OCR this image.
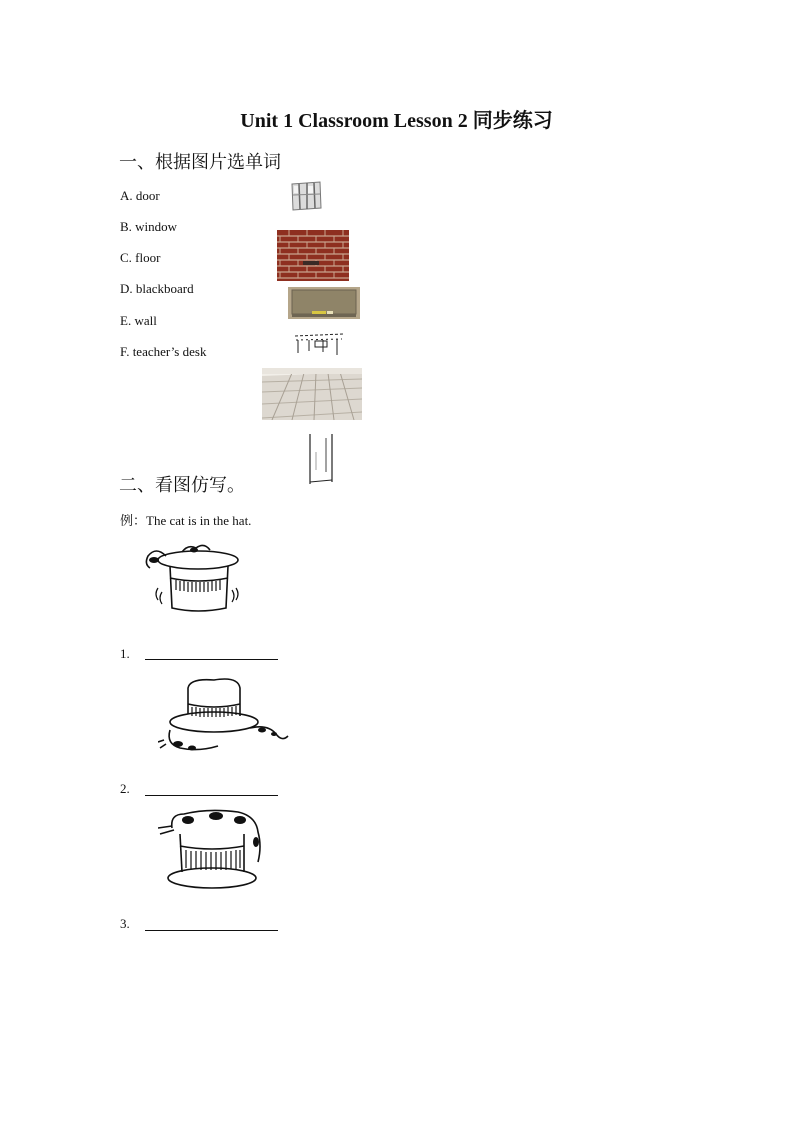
Unit 1 Classroom Lesson 2 同步练习
一、根据图片选单词
A. door
B. window
C. floor
D. blackboard
E. wall
F. teacher’s desk
二、看图仿写。
例：The cat is in the hat.
1.
2.
3.
